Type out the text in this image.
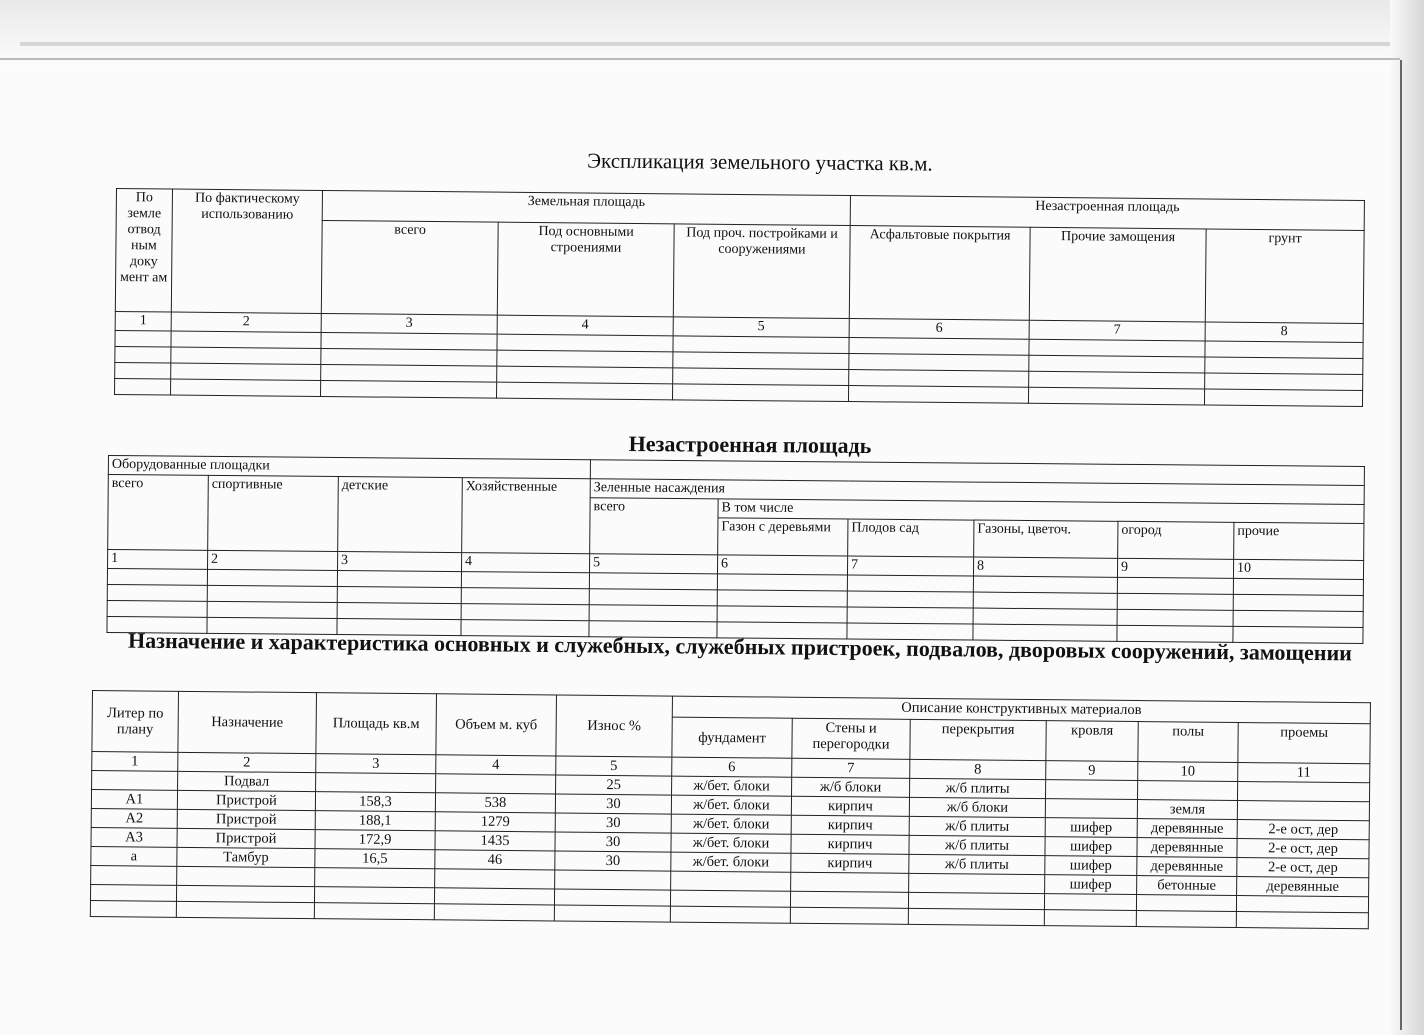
Экспликация земельного участка кв.м.
По земле отвод ным доку мент ам	По фактическому использованию	Земельная площадь			Незастроенная площадь		
		всего	Под основными строениями	Под проч. постройками и сооружениями	Асфальтовые покрытия	Прочие замощения	грунт
1	2	3	4	5	6	7	8

Незастроенная площадь
Оборудованные площадки									
всего	спортивные	детские	Хозяйственные	Зеленные насаждения					
				всего	В том числе				
					Газон с деревьями	Плодов сад	Газоны, цветоч.	огород	прочие
1	2	3	4	5	6	7	8	9	10

Назначение и характеристика основных и служебных, служебных пристроек, подвалов, дворовых сооружений, замощении
Литер по плану	Назначение	Площадь кв.м	Объем м. куб	Износ %	Описание конструктивных материалов					
					фундамент	Стены и перегородки	перекрытия	кровля	полы	проемы
1	2	3	4	5	6	7	8	9	10	11
	Подвал			25	ж/бет. блоки	ж/б блоки	ж/б плиты			
А1	Пристрой	158,3	538	30	ж/бет. блоки	кирпич	ж/б блоки		земля	
А2	Пристрой	188,1	1279	30	ж/бет. блоки	кирпич	ж/б плиты	шифер	деревянные	2-е ост, дер
А3	Пристрой	172,9	1435	30	ж/бет. блоки	кирпич	ж/б плиты	шифер	деревянные	2-е ост, дер
а	Тамбур	16,5	46	30	ж/бет. блоки	кирпич	ж/б плиты	шифер	деревянные	2-е ост, дер
								шифер	бетонные	деревянные
